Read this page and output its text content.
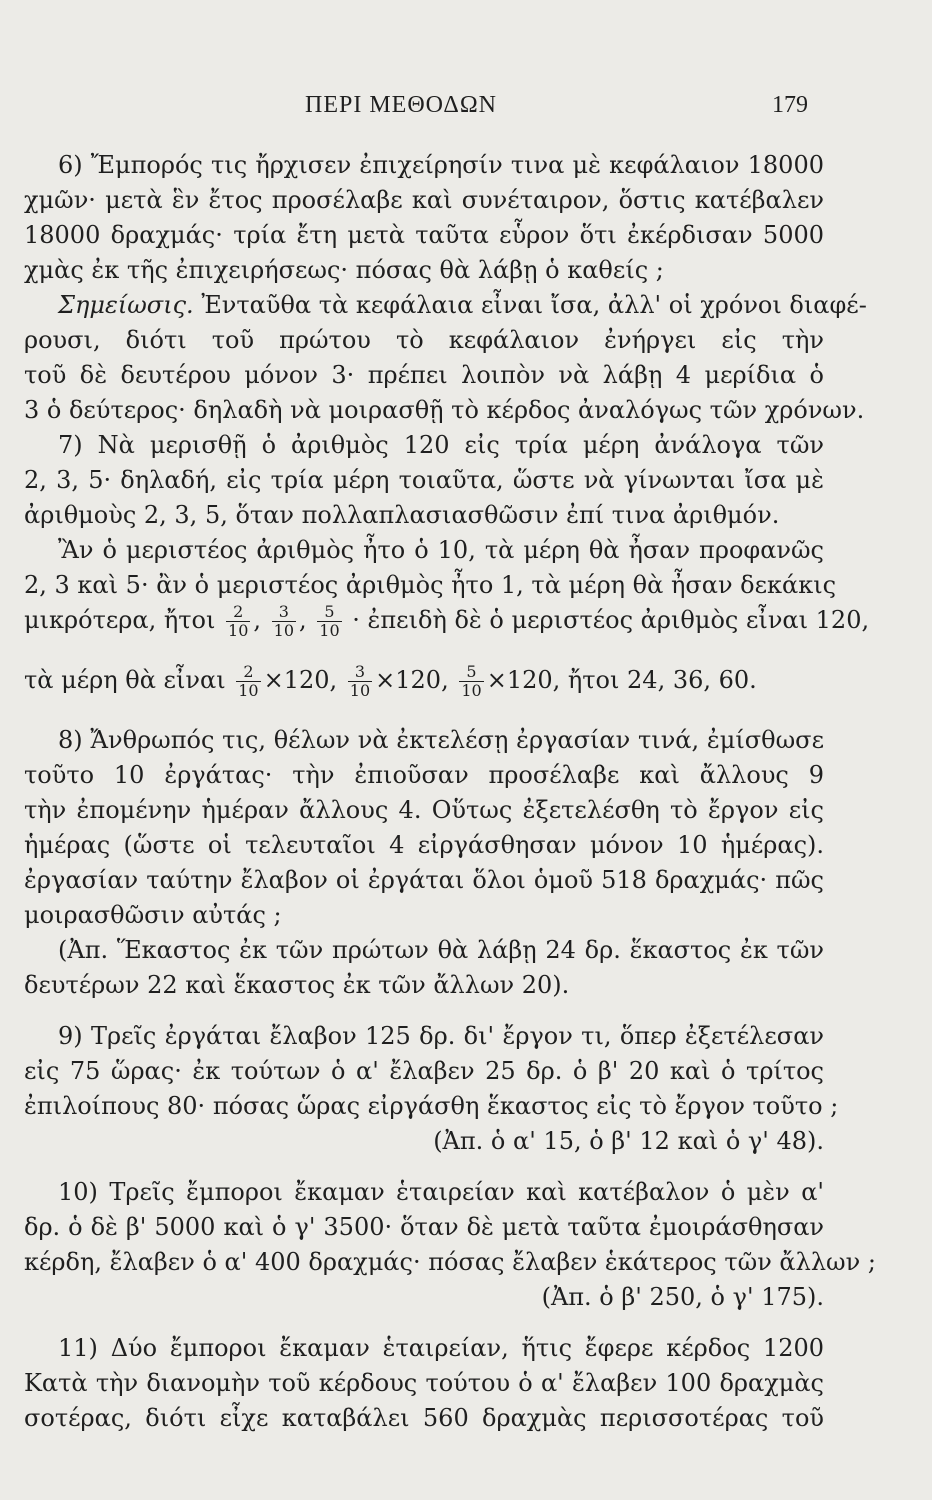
ΠΕΡΙ ΜΕΘΟΔΩΝ	179
6) Ἔμπορός τις ἤρχισεν ἐπιχείρησίν τινα μὲ κεφάλαιον 18000
χμῶν· μετὰ ἓν ἔτος προσέλαβε καὶ συνέταιρον, ὅστις κατέβαλεν
18000 δραχμάς· τρία ἔτη μετὰ ταῦτα εὗρον ὅτι ἐκέρδισαν 5000
χμὰς ἐκ τῆς ἐπιχειρήσεως· πόσας θὰ λάβῃ ὁ καθείς ;
Σημείωσις. Ἐνταῦθα τὰ κεφάλαια εἶναι ἴσα, ἀλλ' οἱ χρόνοι διαφέ-
ρουσι, διότι τοῦ πρώτου τὸ κεφάλαιον ἐνήργει εἰς τὴν
τοῦ δὲ δευτέρου μόνον 3· πρέπει λοιπὸν νὰ λάβῃ 4 μερίδια ὁ
3 ὁ δεύτερος· δηλαδὴ νὰ μοιρασθῇ τὸ κέρδος ἀναλόγως τῶν χρόνων.
7) Νὰ μερισθῇ ὁ ἀριθμὸς 120 εἰς τρία μέρη ἀνάλογα τῶν
2, 3, 5· δηλαδή, εἰς τρία μέρη τοιαῦτα, ὥστε νὰ γίνωνται ἴσα μὲ
ἀριθμοὺς 2, 3, 5, ὅταν πολλαπλασιασθῶσιν ἐπί τινα ἀριθμόν.
Ἂν ὁ μεριστέος ἀριθμὸς ἦτο ὁ 10, τὰ μέρη θὰ ἦσαν προφανῶς
2, 3 καὶ 5· ἂν ὁ μεριστέος ἀριθμὸς ἦτο 1, τὰ μέρη θὰ ἦσαν δεκάκις
μικρότερα, ἤτοι $\frac{2}{10}$ , $\frac{3}{10}$ , $\frac{5}{10}$ · ἐπειδὴ δὲ ὁ μεριστέος ἀριθμὸς εἶναι 120,
τὰ μέρη θὰ εἶναι $\frac{2}{10} \times 120$, $\frac{3}{10} \times 120$, $\frac{5}{10} \times 120$, ἤτοι 24, 36, 60.
8) Ἄνθρωπός τις, θέλων νὰ ἐκτελέσῃ ἐργασίαν τινά, ἐμίσθωσε
τοῦτο 10 ἐργάτας· τὴν ἐπιοῦσαν προσέλαβε καὶ ἄλλους 9
τὴν ἐπομένην ἡμέραν ἄλλους 4. Οὕτως ἐξετελέσθη τὸ ἔργον εἰς
ἡμέρας (ὥστε οἱ τελευταῖοι 4 εἰργάσθησαν μόνον 10 ἡμέρας).
ἐργασίαν ταύτην ἔλαβον οἱ ἐργάται ὅλοι ὁμοῦ 518 δραχμάς· πῶς
μοιρασθῶσιν αὐτάς ;
(Ἀπ. Ἕκαστος ἐκ τῶν πρώτων θὰ λάβῃ 24 δρ. ἕκαστος ἐκ τῶν
δευτέρων 22 καὶ ἕκαστος ἐκ τῶν ἄλλων 20).
9) Τρεῖς ἐργάται ἔλαβον 125 δρ. δι' ἔργον τι, ὅπερ ἐξετέλεσαν
εἰς 75 ὥρας· ἐκ τούτων ὁ α' ἔλαβεν 25 δρ. ὁ β' 20 καὶ ὁ τρίτος
ἐπιλοίπους 80· πόσας ὥρας εἰργάσθη ἕκαστος εἰς τὸ ἔργον τοῦτο ;
(Ἀπ. ὁ α' 15, ὁ β' 12 καὶ ὁ γ' 48).
10) Τρεῖς ἔμποροι ἔκαμαν ἑταιρείαν καὶ κατέβαλον ὁ μὲν α'
δρ. ὁ δὲ β' 5000 καὶ ὁ γ' 3500· ὅταν δὲ μετὰ ταῦτα ἐμοιράσθησαν
κέρδη, ἔλαβεν ὁ α' 400 δραχμάς· πόσας ἔλαβεν ἑκάτερος τῶν ἄλλων ;
(Ἀπ. ὁ β' 250, ὁ γ' 175).
11) Δύο ἔμποροι ἔκαμαν ἑταιρείαν, ἥτις ἔφερε κέρδος 1200
Κατὰ τὴν διανομὴν τοῦ κέρδους τούτου ὁ α' ἔλαβεν 100 δραχμὰς
σοτέρας, διότι εἶχε καταβάλει 560 δραχμὰς περισσοτέρας τοῦ
